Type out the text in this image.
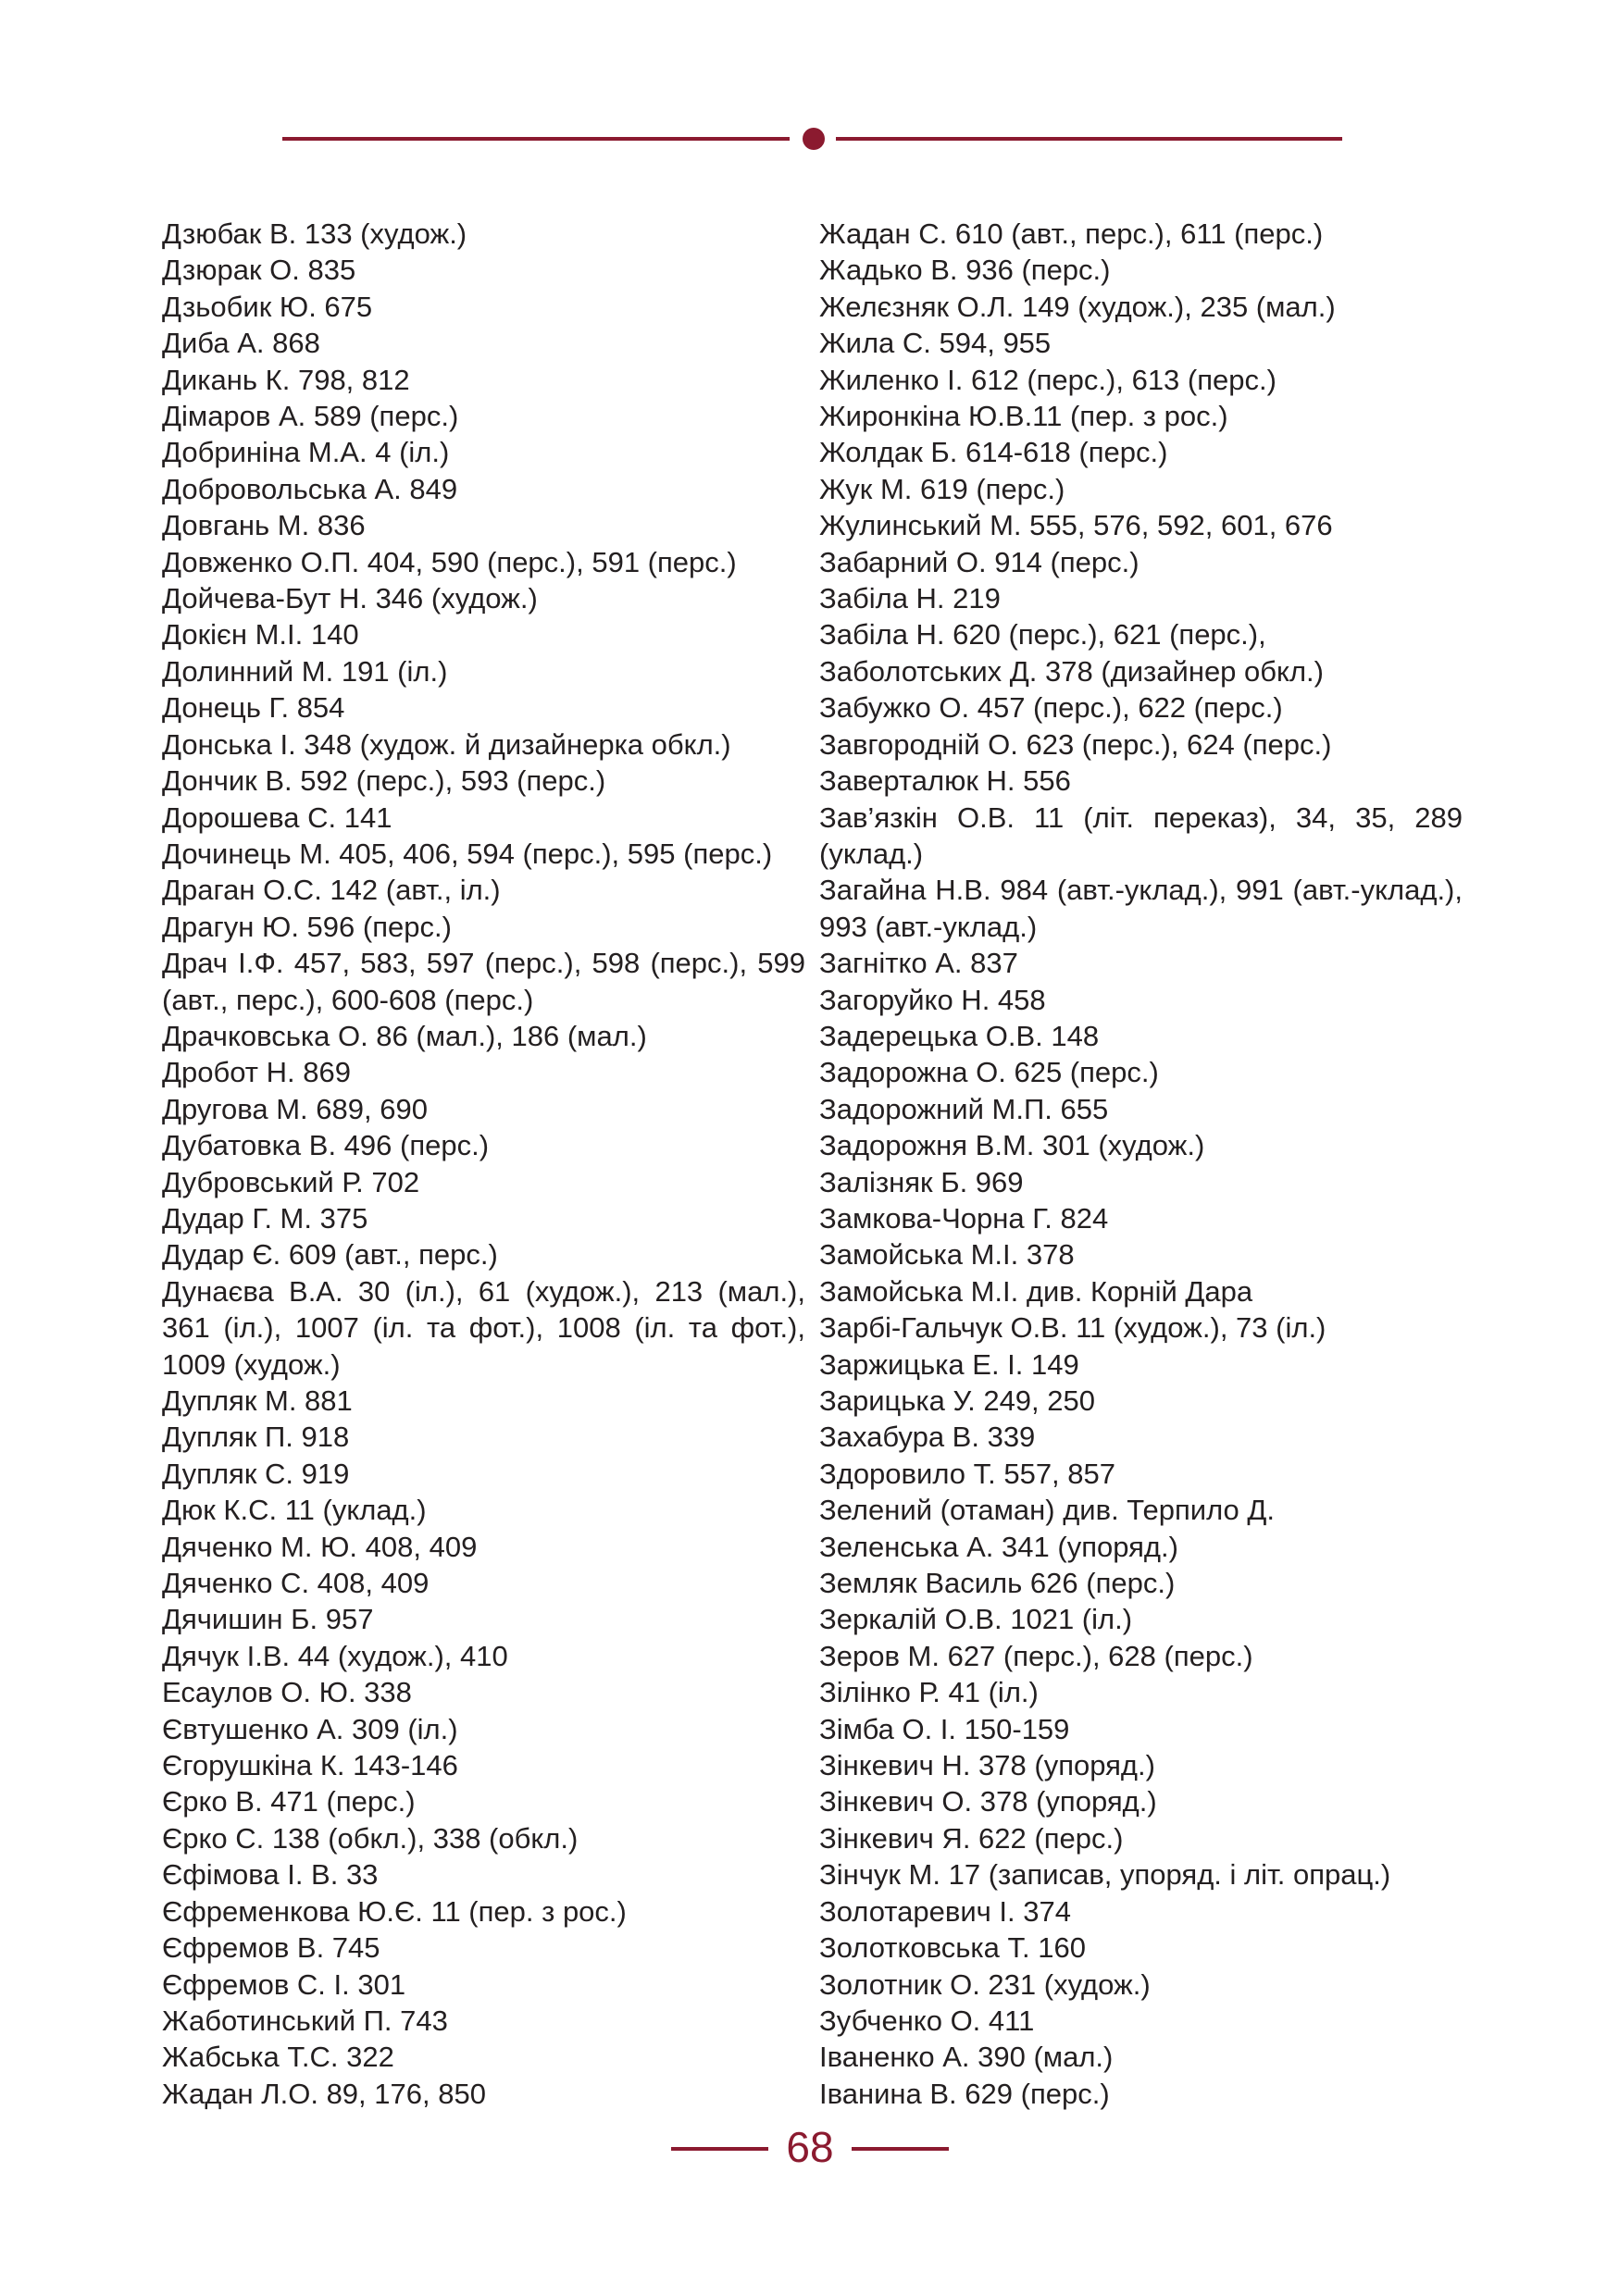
Дзюбак В. 133 (худож.)
Дзюрак О. 835
Дзьобик Ю. 675
Диба А. 868
Дикань К. 798, 812
Дімаров А. 589 (перс.)
Добриніна М.А. 4 (іл.)
Добровольська А. 849
Довгань М. 836
Довженко О.П. 404, 590 (перс.), 591 (перс.)
Дойчева-Бут Н. 346 (худож.)
Докієн М.І. 140
Долинний М. 191 (іл.)
Донець Г. 854
Донська І. 348 (худож. й дизайнерка обкл.)
Дончик В. 592 (перс.), 593 (перс.)
Дорошева С. 141
Дочинець М. 405, 406, 594 (перс.), 595 (перс.)
Драган О.С. 142 (авт., іл.)
Драгун Ю. 596 (перс.)
Драч І.Ф. 457, 583, 597 (перс.), 598 (перс.), 599 (авт., перс.), 600-608 (перс.)
Драчковська О. 86 (мал.), 186 (мал.)
Дробот Н. 869
Другова М. 689, 690
Дубатовка В. 496 (перс.)
Дубровський Р. 702
Дудар Г. М. 375
Дудар Є. 609 (авт., перс.)
Дунаєва В.А. 30 (іл.), 61 (худож.), 213 (мал.), 361 (іл.), 1007 (іл. та фот.), 1008 (іл. та фот.), 1009 (худож.)
Дупляк М. 881
Дупляк П. 918
Дупляк С. 919
Дюк К.С. 11 (уклад.)
Дяченко М. Ю. 408, 409
Дяченко С. 408, 409
Дячишин Б. 957
Дячук І.В. 44 (худож.), 410
Есаулов О. Ю. 338
Євтушенко А. 309 (іл.)
Єгорушкіна К. 143-146
Єрко В. 471 (перс.)
Єрко С. 138 (обкл.), 338 (обкл.)
Єфімова І. В. 33
Єфременкова Ю.Є. 11 (пер. з рос.)
Єфремов В. 745
Єфремов С. І. 301
Жаботинський П. 743
Жабська Т.С. 322
Жадан Л.О. 89, 176, 850
Жадан С. 610 (авт., перс.), 611 (перс.)
Жадько В. 936 (перс.)
Желєзняк О.Л. 149 (худож.), 235 (мал.)
Жила С. 594, 955
Жиленко І. 612 (перс.), 613 (перс.)
Жиронкіна Ю.В.11 (пер. з рос.)
Жолдак Б. 614-618 (перс.)
Жук М. 619 (перс.)
Жулинський М. 555, 576, 592, 601, 676
Забарний О. 914 (перс.)
Забіла Н. 219
Забіла Н. 620 (перс.), 621 (перс.),
Заболотських Д. 378 (дизайнер обкл.)
Забужко О. 457 (перс.), 622 (перс.)
Завгородній О. 623 (перс.), 624 (перс.)
Заверталюк Н. 556
Зав’язкін О.В. 11 (літ. переказ), 34, 35, 289 (уклад.)
Загайна Н.В. 984 (авт.-уклад.), 991 (авт.-уклад.), 993 (авт.-уклад.)
Загнітко А. 837
Загоруйко Н. 458
Задерецька О.В. 148
Задорожна О. 625 (перс.)
Задорожний М.П. 655
Задорожня В.М. 301 (худож.)
Залізняк Б. 969
Замкова-Чорна Г. 824
Замойська М.І. 378
Замойська М.І. див. Корній Дара
Зарбі-Гальчук О.В. 11 (худож.), 73 (іл.)
Заржицька Е. І. 149
Зарицька У. 249, 250
Захабура В. 339
Здоровило Т. 557, 857
Зелений (отаман) див. Терпило Д.
Зеленська А. 341 (упоряд.)
Земляк Василь 626 (перс.)
Зеркалій О.В. 1021 (іл.)
Зеров М. 627 (перс.), 628 (перс.)
Зілінко Р. 41 (іл.)
Зімба О. І. 150-159
Зінкевич Н. 378 (упоряд.)
Зінкевич О. 378 (упоряд.)
Зінкевич Я. 622 (перс.)
Зінчук М. 17 (записав, упоряд. і літ. опрац.)
Золотаревич І. 374
Золотковська Т. 160
Золотник О. 231 (худож.)
Зубченко О. 411
Іваненко А. 390 (мал.)
Іванина В. 629 (перс.)
68
